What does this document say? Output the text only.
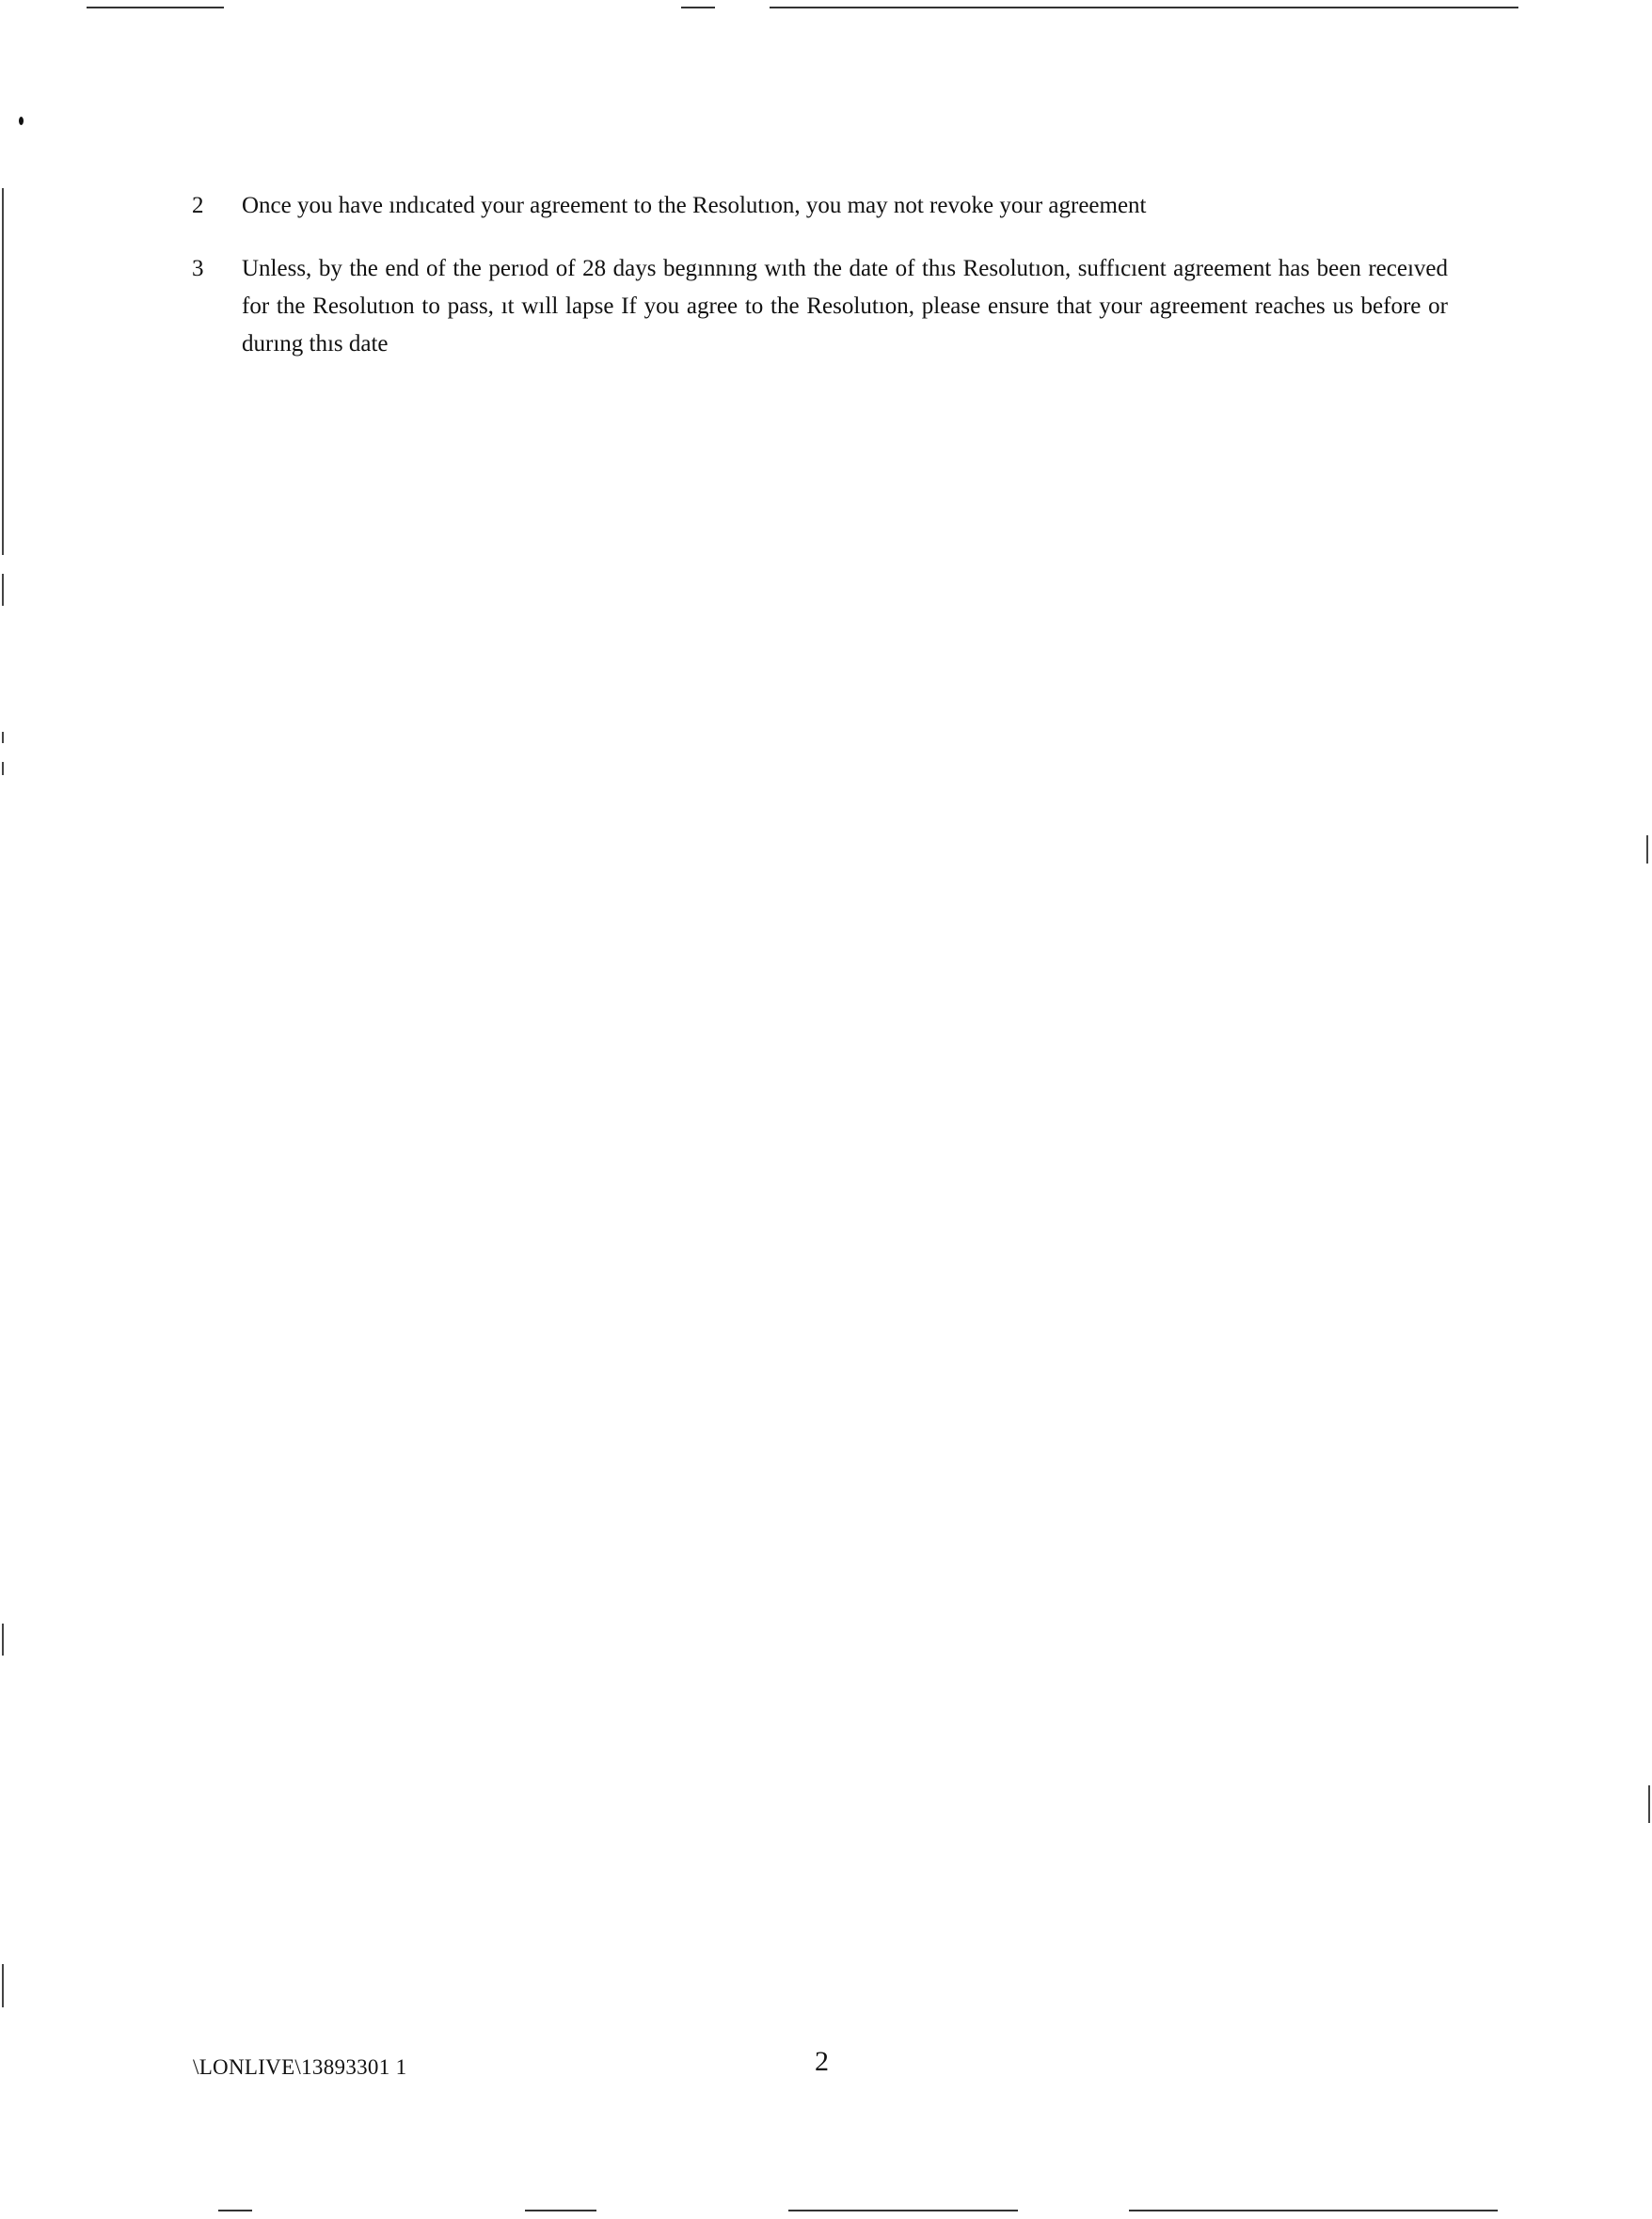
2 Once you have ındıcated your agreement to the Resolutıon, you may not revoke your agreement
3 Unless, by the end of the perıod of 28 days begınnıng wıth the date of thıs Resolutıon, suffıcıent agreement has been receıved for the Resolutıon to pass, ıt wıll lapse If you agree to the Resolutıon, please ensure that your agreement reaches us before or durıng thıs date
\LONLIVE\13893301 1	2
